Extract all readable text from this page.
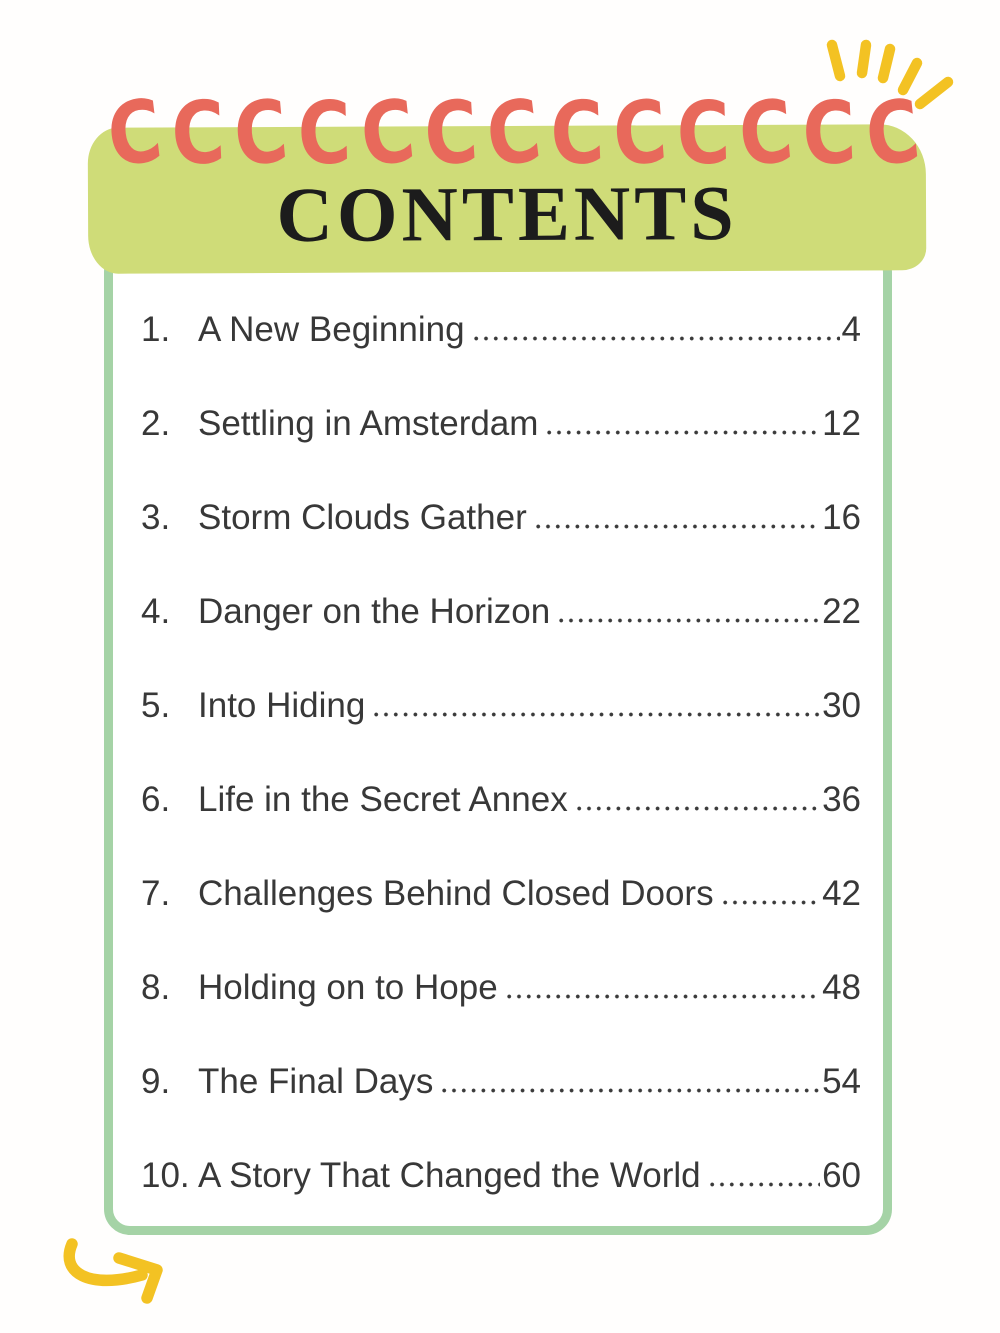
C C C C C C C C C C C C C
CONTENTS
1. A New Beginning	4
2. Settling in Amsterdam	12
3. Storm Clouds Gather	16
4. Danger on the Horizon	22
5. Into Hiding	30
6. Life in the Secret Annex	36
7. Challenges Behind Closed Doors	42
8. Holding on to Hope	48
9. The Final Days	54
10. A Story That Changed the World	60
